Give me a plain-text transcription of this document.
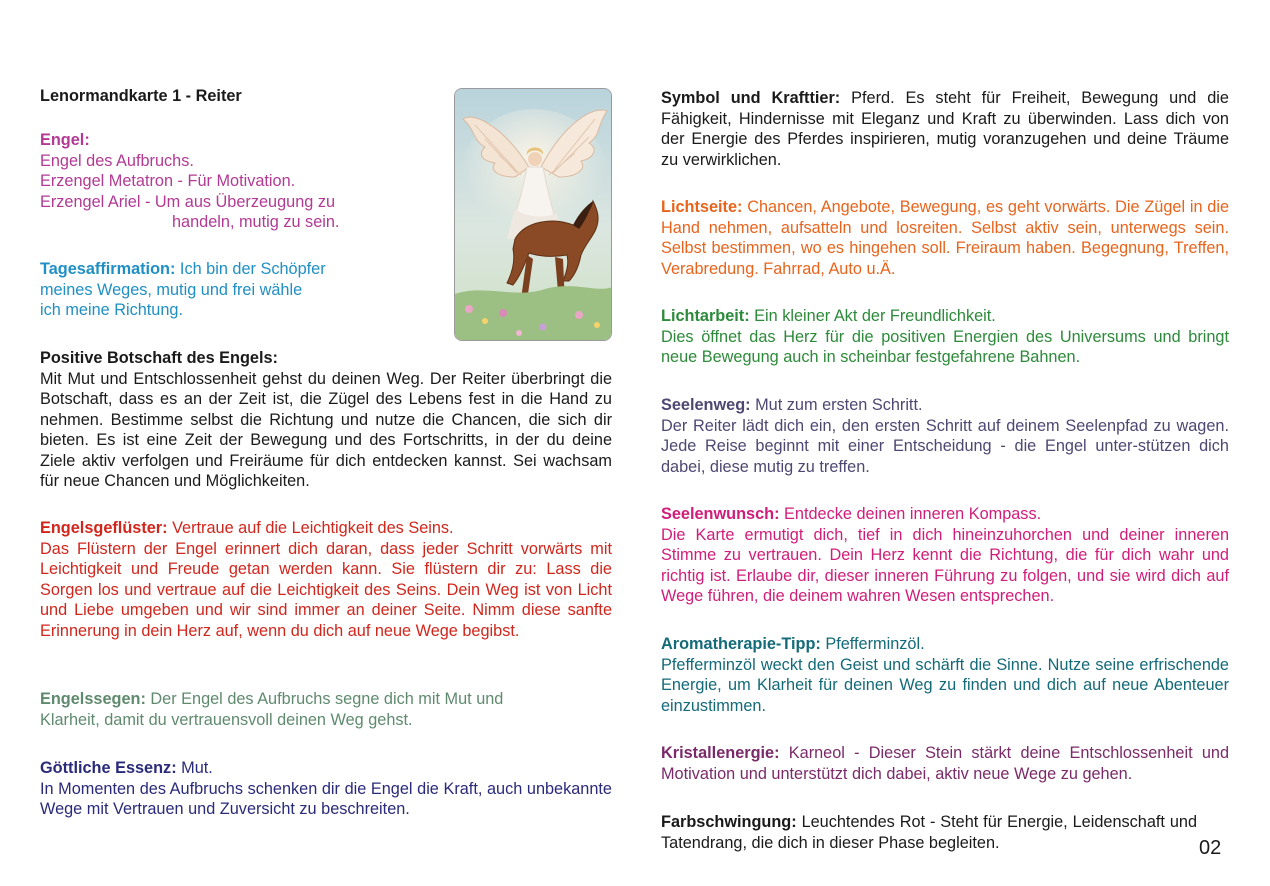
Lenormandkarte 1 - Reiter
Engel:
Engel des Aufbruchs.
Erzengel Metatron - Für Motivation.
Erzengel Ariel - Um aus Überzeugung zu
handeln, mutig zu sein.
Tagesaffirmation: Ich bin der Schöpfer
meines Weges, mutig und frei wähle
ich meine Richtung.
Positive Botschaft des Engels:
Mit Mut und Entschlossenheit gehst du deinen Weg. Der Reiter überbringt die Botschaft, dass es an der Zeit ist, die Zügel des Lebens fest in die Hand zu nehmen. Bestimme selbst die Richtung und nutze die Chancen, die sich dir bieten. Es ist eine Zeit der Bewegung und des Fortschritts, in der du deine Ziele aktiv verfolgen und Freiräume für dich entdecken kannst. Sei wachsam für neue Chancen und Möglichkeiten.
Engelsgeflüster: Vertraue auf die Leichtigkeit des Seins.
Das Flüstern der Engel erinnert dich daran, dass jeder Schritt vorwärts mit Leichtigkeit und Freude getan werden kann. Sie flüstern dir zu: Lass die Sorgen los und vertraue auf die Leichtigkeit des Seins. Dein Weg ist von Licht und Liebe umgeben und wir sind immer an deiner Seite. Nimm diese sanfte Erinnerung in dein Herz auf, wenn du dich auf neue Wege begibst.
Engelssegen: Der Engel des Aufbruchs segne dich mit Mut und
Klarheit, damit du vertrauensvoll deinen Weg gehst.
Göttliche Essenz: Mut.
In Momenten des Aufbruchs schenken dir die Engel die Kraft, auch unbekannte Wege mit Vertrauen und Zuversicht zu beschreiten.
Symbol und Krafttier: Pferd. Es steht für Freiheit, Bewegung und die Fähigkeit, Hindernisse mit Eleganz und Kraft zu überwinden. Lass dich von der Energie des Pferdes inspirieren, mutig voranzugehen und deine Träume zu verwirklichen.
Lichtseite: Chancen, Angebote, Bewegung, es geht vorwärts. Die Zügel in die Hand nehmen, aufsatteln und losreiten. Selbst aktiv sein, unterwegs sein. Selbst bestimmen, wo es hingehen soll. Freiraum haben. Begegnung, Treffen, Verabredung. Fahrrad, Auto u.Ä.
Lichtarbeit: Ein kleiner Akt der Freundlichkeit.
Dies öffnet das Herz für die positiven Energien des Universums und bringt neue Bewegung auch in scheinbar festgefahrene Bahnen.
Seelenweg: Mut zum ersten Schritt.
Der Reiter lädt dich ein, den ersten Schritt auf deinem Seelenpfad zu wagen. Jede Reise beginnt mit einer Entscheidung - die Engel unter-stützen dich dabei, diese mutig zu treffen.
Seelenwunsch: Entdecke deinen inneren Kompass.
Die Karte ermutigt dich, tief in dich hineinzuhorchen und deiner inneren Stimme zu vertrauen. Dein Herz kennt die Richtung, die für dich wahr und richtig ist. Erlaube dir, dieser inneren Führung zu folgen, und sie wird dich auf Wege führen, die deinem wahren Wesen entsprechen.
Aromatherapie-Tipp: Pfefferminzöl.
Pfefferminzöl weckt den Geist und schärft die Sinne. Nutze seine erfrischende Energie, um Klarheit für deinen Weg zu finden und dich auf neue Abenteuer einzustimmen.
Kristallenergie: Karneol - Dieser Stein stärkt deine Entschlossenheit und Motivation und unterstützt dich dabei, aktiv neue Wege zu gehen.
Farbschwingung: Leuchtendes Rot - Steht für Energie, Leidenschaft und Tatendrang, die dich in dieser Phase begleiten.	02
